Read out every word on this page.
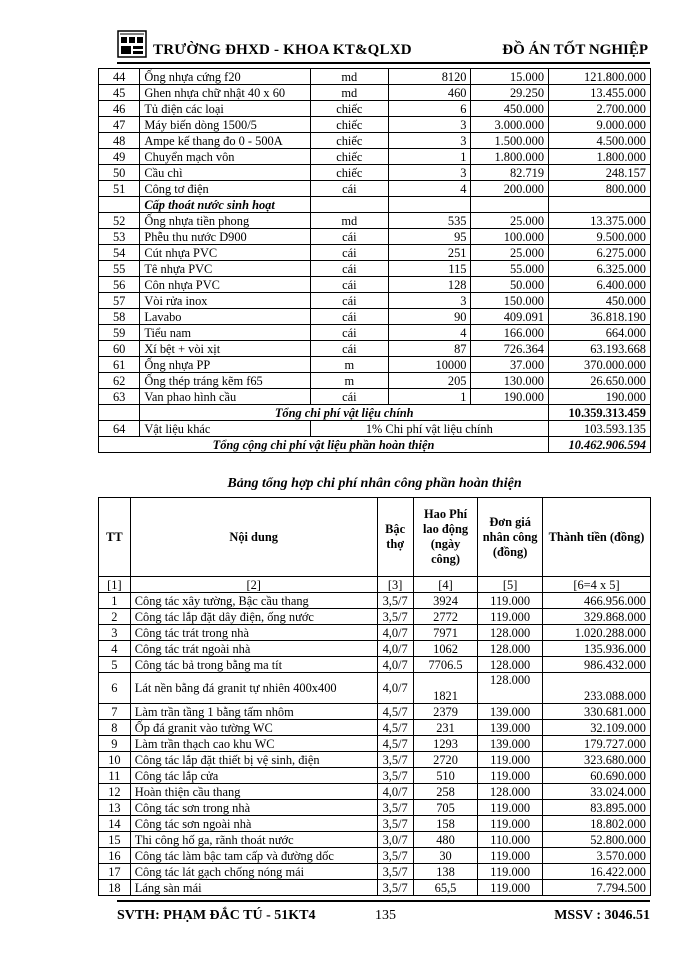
TRƯỜNG ĐHXD - KHOA KT&QLXD	ĐỒ ÁN TỐT NGHIỆP
44	Ống nhựa cứng f20	md	8120	15.000	121.800.000
45	Ghen nhựa chữ nhật 40 x 60	md	460	29.250	13.455.000
46	Tủ điện các loại	chiếc	6	450.000	2.700.000
47	Máy biến dòng 1500/5	chiếc	3	3.000.000	9.000.000
48	Ampe kế thang đo 0 - 500A	chiếc	3	1.500.000	4.500.000
49	Chuyển mạch vôn	chiếc	1	1.800.000	1.800.000
50	Cầu chì	chiếc	3	82.719	248.157
51	Công tơ điện	cái	4	200.000	800.000
	Cấp thoát nước sinh hoạt				
52	Ống nhựa tiền phong	md	535	25.000	13.375.000
53	Phễu thu nước D900	cái	95	100.000	9.500.000
54	Cút nhựa PVC	cái	251	25.000	6.275.000
55	Tê nhựa PVC	cái	115	55.000	6.325.000
56	Côn nhựa PVC	cái	128	50.000	6.400.000
57	Vòi rửa inox	cái	3	150.000	450.000
58	Lavabo	cái	90	409.091	36.818.190
59	Tiểu nam	cái	4	166.000	664.000
60	Xí bệt + vòi xịt	cái	87	726.364	63.193.668
61	Ống nhựa PP	m	10000	37.000	370.000.000
62	Ống thép tráng kẽm f65	m	205	130.000	26.650.000
63	Van phao hình cầu	cái	1	190.000	190.000
	Tổng chi phí vật liệu chính				10.359.313.459
64	Vật liệu khác	1% Chi phí vật liệu chính			103.593.135
Tổng cộng chi phí vật liệu phần hoàn thiện					10.462.906.594
Bảng tổng hợp chi phí nhân công phần hoàn thiện
TT	Nội dung	Bậc thợ	Hao Phí lao động (ngày công)	Đơn giá nhân công (đồng)	Thành tiền (đồng)
[1]	[2]	[3]	[4]	[5]	[6=4 x 5]
1	Công tác xây tường, Bậc cầu thang	3,5/7	3924	119.000	466.956.000
2	Công tác lắp đặt dây điện, ống nước	3,5/7	2772	119.000	329.868.000
3	Công tác trát trong nhà	4,0/7	7971	128.000	1.020.288.000
4	Công tác trát ngoài nhà	4,0/7	1062	128.000	135.936.000
5	Công tác bả trong bằng ma tít	4,0/7	7706.5	128.000	986.432.000
6	Lát nền bằng đá granit tự nhiên 400x400	4,0/7	1821	128.000	233.088.000
7	Làm trần tầng 1 bằng tấm nhôm	4,5/7	2379	139.000	330.681.000
8	Ốp đá granit vào tường WC	4,5/7	231	139.000	32.109.000
9	Làm trần thạch cao khu WC	4,5/7	1293	139.000	179.727.000
10	Công tác lắp đặt thiết bị vệ sinh, điện	3,5/7	2720	119.000	323.680.000
11	Công tác lắp cửa	3,5/7	510	119.000	60.690.000
12	Hoàn thiện cầu thang	4,0/7	258	128.000	33.024.000
13	Công tác sơn trong nhà	3,5/7	705	119.000	83.895.000
14	Công tác sơn ngoài nhà	3,5/7	158	119.000	18.802.000
15	Thi công hố ga, rãnh thoát nước	3,0/7	480	110.000	52.800.000
16	Công tác làm bậc tam cấp và đường dốc	3,5/7	30	119.000	3.570.000
17	Công tác lát gạch chống nóng mái	3,5/7	138	119.000	16.422.000
18	Láng sàn mái	3,5/7	65,5	119.000	7.794.500
SVTH: PHẠM ĐẮC TÚ - 51KT4	135	MSSV : 3046.51
